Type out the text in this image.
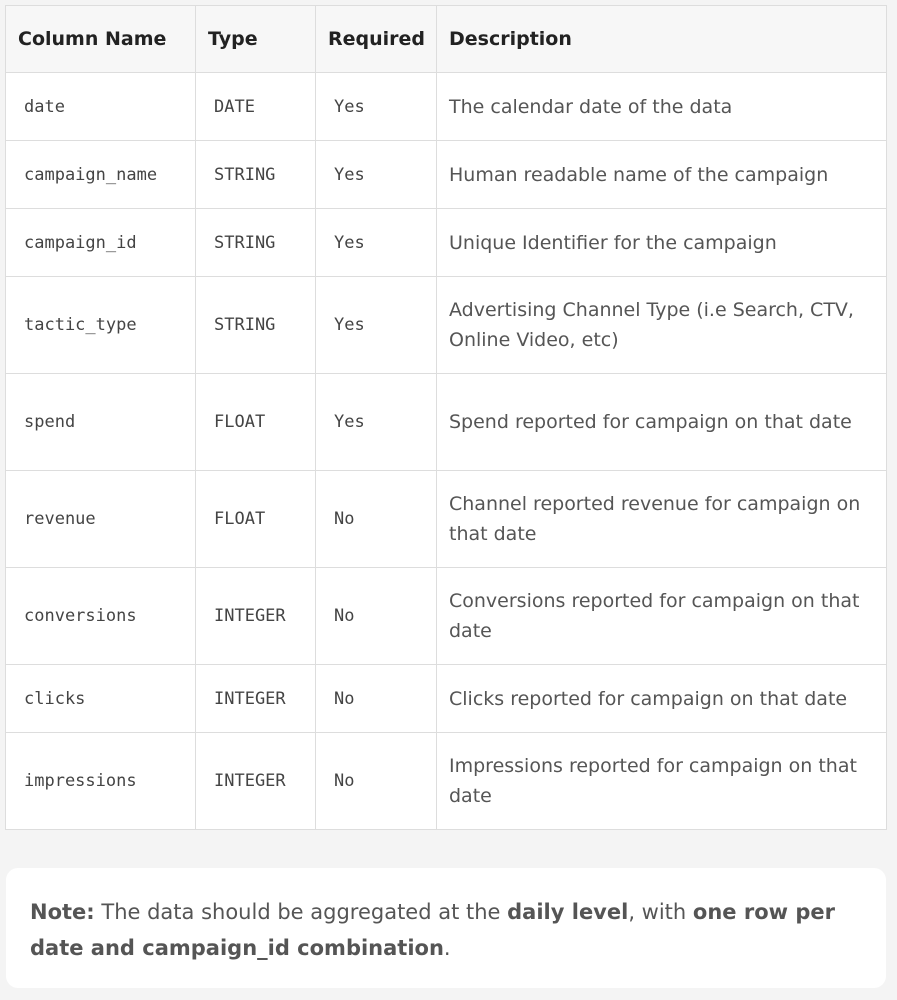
Column Name	Type	Required	Description
date	DATE	Yes	The calendar date of the data
campaign_name	STRING	Yes	Human readable name of the campaign
campaign_id	STRING	Yes	Unique Identifier for the campaign
tactic_type	STRING	Yes	Advertising Channel Type (i.e Search, CTV, Online Video, etc)
spend	FLOAT	Yes	Spend reported for campaign on that date
revenue	FLOAT	No	Channel reported revenue for campaign on that date
conversions	INTEGER	No	Conversions reported for campaign on that date
clicks	INTEGER	No	Clicks reported for campaign on that date
impressions	INTEGER	No	Impressions reported for campaign on that date
Note: The data should be aggregated at the daily level, with one row per date and campaign_id combination.
